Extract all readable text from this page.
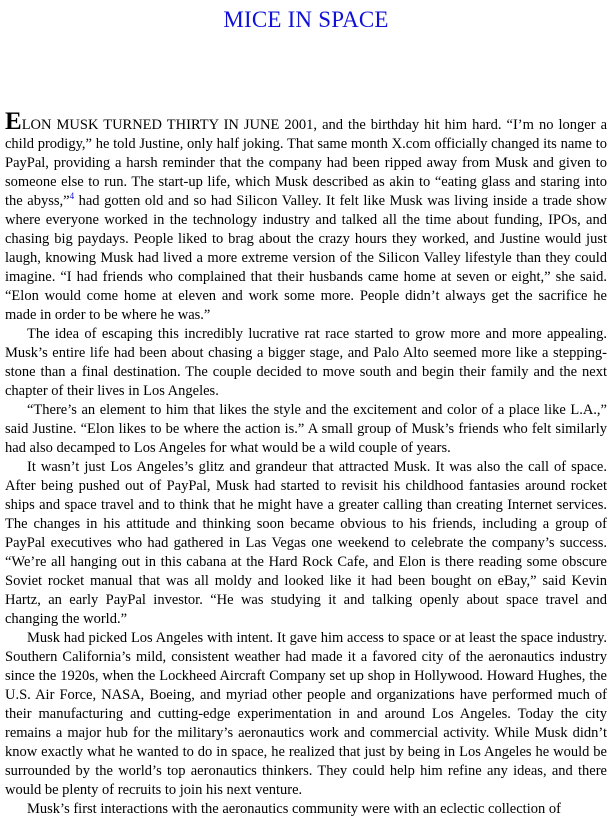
MICE IN SPACE

ELON MUSK TURNED THIRTY IN JUNE 2001, and the birthday hit him hard. “I’m no longer a child prodigy,” he told Justine, only half joking. That same month X.com officially changed its name to PayPal, providing a harsh reminder that the company had been ripped away from Musk and given to someone else to run. The start-up life, which Musk described as akin to “eating glass and staring into the abyss,”$^4$ had gotten old and so had Silicon Valley. It felt like Musk was living inside a trade show where everyone worked in the technology industry and talked all the time about funding, IPOs, and chasing big paydays. People liked to brag about the crazy hours they worked, and Justine would just laugh, knowing Musk had lived a more extreme version of the Silicon Valley lifestyle than they could imagine. “I had friends who complained that their husbands came home at seven or eight,” she said. “Elon would come home at eleven and work some more. People didn’t always get the sacrifice he made in order to be where he was.”

The idea of escaping this incredibly lucrative rat race started to grow more and more appealing. Musk’s entire life had been about chasing a bigger stage, and Palo Alto seemed more like a stepping-stone than a final destination. The couple decided to move south and begin their family and the next chapter of their lives in Los Angeles.

“There’s an element to him that likes the style and the excitement and color of a place like L.A.,” said Justine. “Elon likes to be where the action is.” A small group of Musk’s friends who felt similarly had also decamped to Los Angeles for what would be a wild couple of years.

It wasn’t just Los Angeles’s glitz and grandeur that attracted Musk. It was also the call of space. After being pushed out of PayPal, Musk had started to revisit his childhood fantasies around rocket ships and space travel and to think that he might have a greater calling than creating Internet services. The changes in his attitude and thinking soon became obvious to his friends, including a group of PayPal executives who had gathered in Las Vegas one weekend to celebrate the company’s success. “We’re all hanging out in this cabana at the Hard Rock Cafe, and Elon is there reading some obscure Soviet rocket manual that was all moldy and looked like it had been bought on eBay,” said Kevin Hartz, an early PayPal investor. “He was studying it and talking openly about space travel and changing the world.”

Musk had picked Los Angeles with intent. It gave him access to space or at least the space industry. Southern California’s mild, consistent weather had made it a favored city of the aeronautics industry since the 1920s, when the Lockheed Aircraft Company set up shop in Hollywood. Howard Hughes, the U.S. Air Force, NASA, Boeing, and myriad other people and organizations have performed much of their manufacturing and cutting-edge experimentation in and around Los Angeles. Today the city remains a major hub for the military’s aeronautics work and commercial activity. While Musk didn’t know exactly what he wanted to do in space, he realized that just by being in Los Angeles he would be surrounded by the world’s top aeronautics thinkers. They could help him refine any ideas, and there would be plenty of recruits to join his next venture.

Musk’s first interactions with the aeronautics community were with an eclectic collection of
